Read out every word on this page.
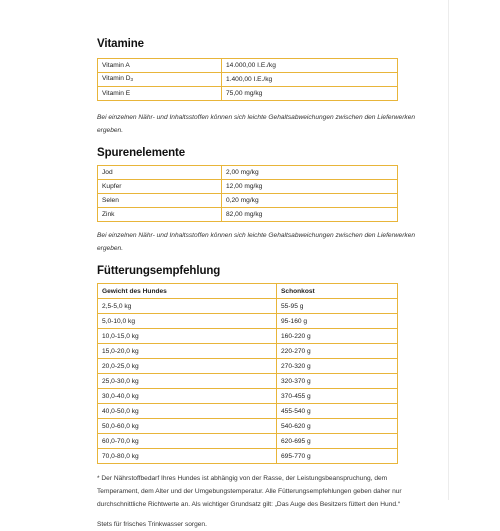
Vitamine
Vitamin A	14.000,00 I.E./kg
Vitamin $D_3$	1.400,00 I.E./kg
Vitamin E	75,00 mg/kg

Bei einzelnen Nähr- und Inhaltsstoffen können sich leichte Gehaltsabweichungen zwischen den Lieferwerken ergeben.

Spurenelemente
Jod	2,00 mg/kg
Kupfer	12,00 mg/kg
Selen	0,20 mg/kg
Zink	82,00 mg/kg

Bei einzelnen Nähr- und Inhaltsstoffen können sich leichte Gehaltsabweichungen zwischen den Lieferwerken ergeben.

Fütterungsempfehlung
Gewicht des Hundes	Schonkost
2,5-5,0 kg	55-95 g
5,0-10,0 kg	95-160 g
10,0-15,0 kg	160-220 g
15,0-20,0 kg	220-270 g
20,0-25,0 kg	270-320 g
25,0-30,0 kg	320-370 g
30,0-40,0 kg	370-455 g
40,0-50,0 kg	455-540 g
50,0-60,0 kg	540-620 g
60,0-70,0 kg	620-695 g
70,0-80,0 kg	695-770 g

* Der Nährstoffbedarf Ihres Hundes ist abhängig von der Rasse, der Leistungsbeanspruchung, dem

Temperament, dem Alter und der Umgebungstemperatur. Alle Fütterungsempfehlungen geben daher nur

durchschnittliche Richtwerte an. Als wichtiger Grundsatz gilt: „Das Auge des Besitzers füttert den Hund.“

Stets für frisches Trinkwasser sorgen.
